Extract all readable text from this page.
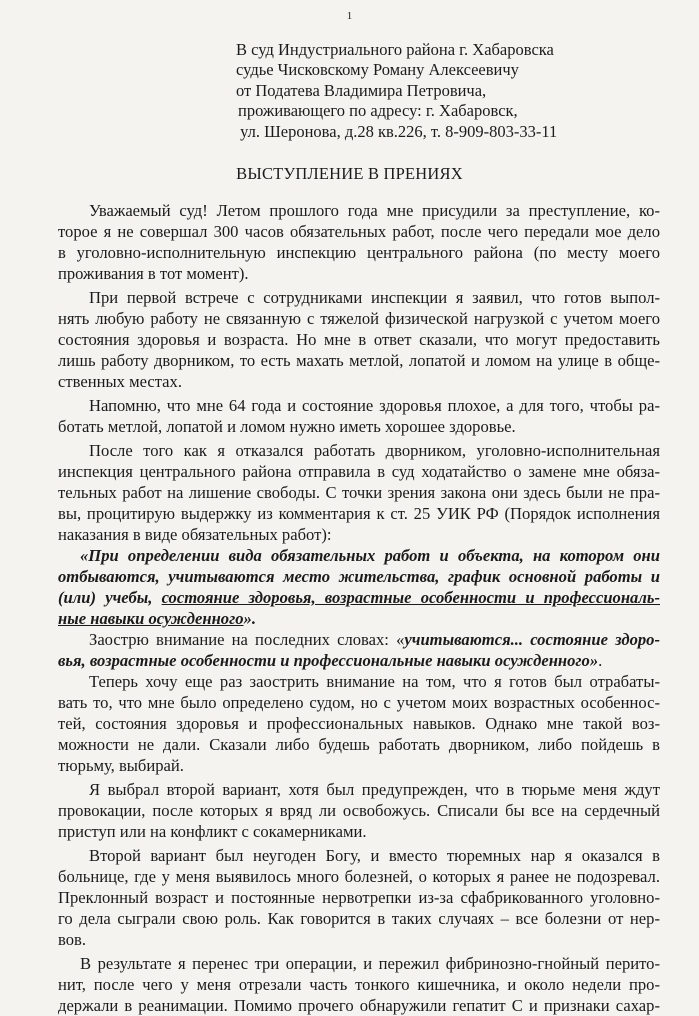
1
В суд Индустриального района г. Хабаровска
судье Чисковскому Роману Алексеевичу
от Податева Владимира Петровича,
проживающего по адресу: г. Хабаровск,
ул. Шеронова, д.28 кв.226, т. 8-909-803-33-11
ВЫСТУПЛЕНИЕ В ПРЕНИЯХ
Уважаемый суд! Летом прошлого года мне присудили за преступление, ко-
торое я не совершал 300 часов обязательных работ, после чего передали мое дело
в уголовно-исполнительную инспекцию центрального района (по месту моего
проживания в тот момент).
При первой встрече с сотрудниками инспекции я заявил, что готов выпол-
нять любую работу не связанную с тяжелой физической нагрузкой с учетом моего
состояния здоровья и возраста. Но мне в ответ сказали, что могут предоставить
лишь работу дворником, то есть махать метлой, лопатой и ломом на улице в обще-
ственных местах.
Напомню, что мне 64 года и состояние здоровья плохое, а для того, чтобы ра-
ботать метлой, лопатой и ломом нужно иметь хорошее здоровье.
После того как я отказался работать дворником, уголовно-исполнительная
инспекция центрального района отправила в суд ходатайство о замене мне обяза-
тельных работ на лишение свободы. С точки зрения закона они здесь были не пра-
вы, процитирую выдержку из комментария к ст. 25 УИК РФ (Порядок исполнения
наказания в виде обязательных работ):
«При определении вида обязательных работ и объекта, на котором они
отбываются, учитываются место жительства, график основной работы и
(или) учебы, состояние здоровья, возрастные особенности и профессиональ-
ные навыки осужденного».
Заострю внимание на последних словах: «учитываются... состояние здоро-
вья, возрастные особенности и профессиональные навыки осужденного».
Теперь хочу еще раз заострить внимание на том, что я готов был отрабаты-
вать то, что мне было определено судом, но с учетом моих возрастных особеннос-
тей, состояния здоровья и профессиональных навыков. Однако мне такой воз-
можности не дали. Сказали либо будешь работать дворником, либо пойдешь в
тюрьму, выбирай.
Я выбрал второй вариант, хотя был предупрежден, что в тюрьме меня ждут
провокации, после которых я вряд ли освобожусь. Списали бы все на сердечный
приступ или на конфликт с сокамерниками.
Второй вариант был неугоден Богу, и вместо тюремных нар я оказался в
больнице, где у меня выявилось много болезней, о которых я ранее не подозревал.
Преклонный возраст и постоянные нервотрепки из-за сфабрикованного уголовно-
го дела сыграли свою роль. Как говорится в таких случаях – все болезни от нер-
вов.
В результате я перенес три операции, и пережил фибринозно-гнойный перито-
нит, после чего у меня отрезали часть тонкого кишечника, и около недели про-
держали в реанимации. Помимо прочего обнаружили гепатит С и признаки сахар-
